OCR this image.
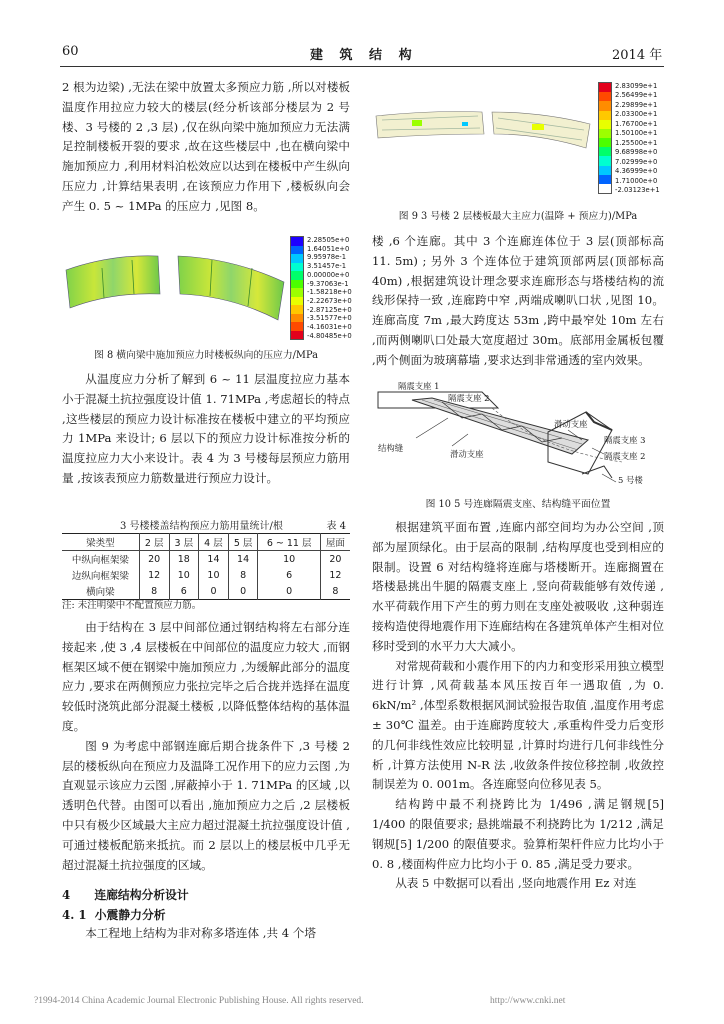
60	建 筑 结 构	2014 年

2 根为边梁) ,无法在梁中放置太多预应力筋 ,所以对楼板温度作用拉应力较大的楼层(经分析该部分楼层为 2 号楼、3 号楼的 2 ,3 层) ,仅在纵向梁中施加预应力无法满足控制楼板开裂的要求 ,故在这些楼层中 ,也在横向梁中施加预应力 ,利用材料泊松效应以达到在楼板中产生纵向压应力 ,计算结果表明 ,在该预应力作用下 ,楼板纵向会产生 0. 5 ~ 1MPa 的压应力 ,见图 8。

2.28505e+0
1.64051e+0
9.95978e-1
3.51457e-1
0.00000e+0
-9.37063e-1
-1.58218e+0
-2.22673e+0
-2.87125e+0
-3.51577e+0
-4.16031e+0
-4.80485e+0
图 8 横向梁中施加预应力时楼板纵向的压应力/MPa

从温度应力分析了解到 6 ~ 11 层温度拉应力基本小于混凝土抗拉强度设计值 1. 71MPa ,考虑超长的特点 ,这些楼层的预应力设计标准按在楼板中建立的平均预应力 1MPa 来设计; 6 层以下的预应力设计标准按分析的温度拉应力大小来设计。表 4 为 3 号楼每层预应力筋用量 ,按该表预应力筋数量进行预应力设计。

3 号楼楼盖结构预应力筋用量统计/根	表 4
梁类型	2 层	3 层	4 层	5 层	6 ~ 11 层	屋面
中纵向框架梁	20	18	14	14	10	20
边纵向框架梁	12	10	10	8	6	12
横向梁	8	6	0	0	0	8
注: 未注明梁中不配置预应力筋。

由于结构在 3 层中间部位通过钢结构将左右部分连接起来 ,使 3 ,4 层楼板在中间部位的温度应力较大 ,而钢框架区域不便在钢梁中施加预应力 ,为缓解此部分的温度应力 ,要求在两侧预应力张拉完毕之后合拢并选择在温度较低时浇筑此部分混凝土楼板 ,以降低整体结构的基体温度。

图 9 为考虑中部钢连廊后期合拢条件下 ,3 号楼 2 层的楼板纵向在预应力及温降工况作用下的应力云图 ,为直观显示该应力云图 ,屏蔽掉小于 1. 71MPa 的区域 ,以透明色代替。由图可以看出 ,施加预应力之后 ,2 层楼板中只有极少区域最大主应力超过混凝土抗拉强度设计值 ,可通过楼板配筋来抵抗。而 2 层以上的楼层板中几乎无超过混凝土抗拉强度的区域。

4 连廊结构分析设计
4. 1 小震静力分析

本工程地上结构为非对称多塔连体 ,共 4 个塔

2.83099e+1
2.56499e+1
2.29899e+1
2.03300e+1
1.76700e+1
1.50100e+1
1.25500e+1
9.68998e+0
7.02999e+0
4.36999e+0
1.71000e+0
-2.03123e+1
图 9 3 号楼 2 层楼板最大主应力(温降 + 预应力)/MPa

楼 ,6 个连廊。其中 3 个连廊连体位于 3 层(顶部标高 11. 5m) ; 另外 3 个连体位于建筑顶部两层(顶部标高 40m) ,根据建筑设计理念要求连廊形态与塔楼结构的流线形保持一致 ,连廊跨中窄 ,两端成喇叭口状 ,见图 10。连廊高度 7m ,最大跨度达 53m ,跨中最窄处 10m 左右 ,而两侧喇叭口处最大宽度超过 30m。底部用金属板包覆 ,两个侧面为玻璃幕墙 ,要求达到非常通透的室内效果。

隔震支座 1
隔震支座 2
结构缝
滑动支座
滑动支座
隔震支座 3
隔震支座 2
5 号楼
图 10 5 号连廊隔震支座、结构缝平面位置

根据建筑平面布置 ,连廊内部空间均为办公空间 ,顶部为屋顶绿化。由于层高的限制 ,结构厚度也受到相应的限制。设置 6 对结构缝将连廊与塔楼断开。连廊搁置在塔楼悬挑出牛腿的隔震支座上 ,竖向荷载能够有效传递 ,水平荷载作用下产生的剪力则在支座处被吸收 ,这种弱连接构造使得地震作用下连廊结构在各建筑单体产生相对位移时受到的水平力大大减小。

对常规荷载和小震作用下的内力和变形采用独立模型进行计算 ,风荷载基本风压按百年一遇取值 ,为 0. 6kN/m² ,体型系数根据风洞试验报告取值 ,温度作用考虑 ± 30℃ 温差。由于连廊跨度较大 ,承重构件受力后变形的几何非线性效应比较明显 ,计算时均进行几何非线性分析 ,计算方法使用 N-R 法 ,收敛条件按位移控制 ,收敛控制误差为 0. 001m。各连廊竖向位移见表 5。

结构跨中最不利挠跨比为 1/496 ,满足钢规[5] 1/400 的限值要求; 悬挑端最不利挠跨比为 1/212 ,满足钢规[5] 1/200 的限值要求。验算桁架杆件应力比均小于 0. 8 ,楼面构件应力比均小于 0. 85 ,满足受力要求。

从表 5 中数据可以看出 ,竖向地震作用 Ez 对连

?1994-2014 China Academic Journal Electronic Publishing House. All rights reserved.	http://www.cnki.net
